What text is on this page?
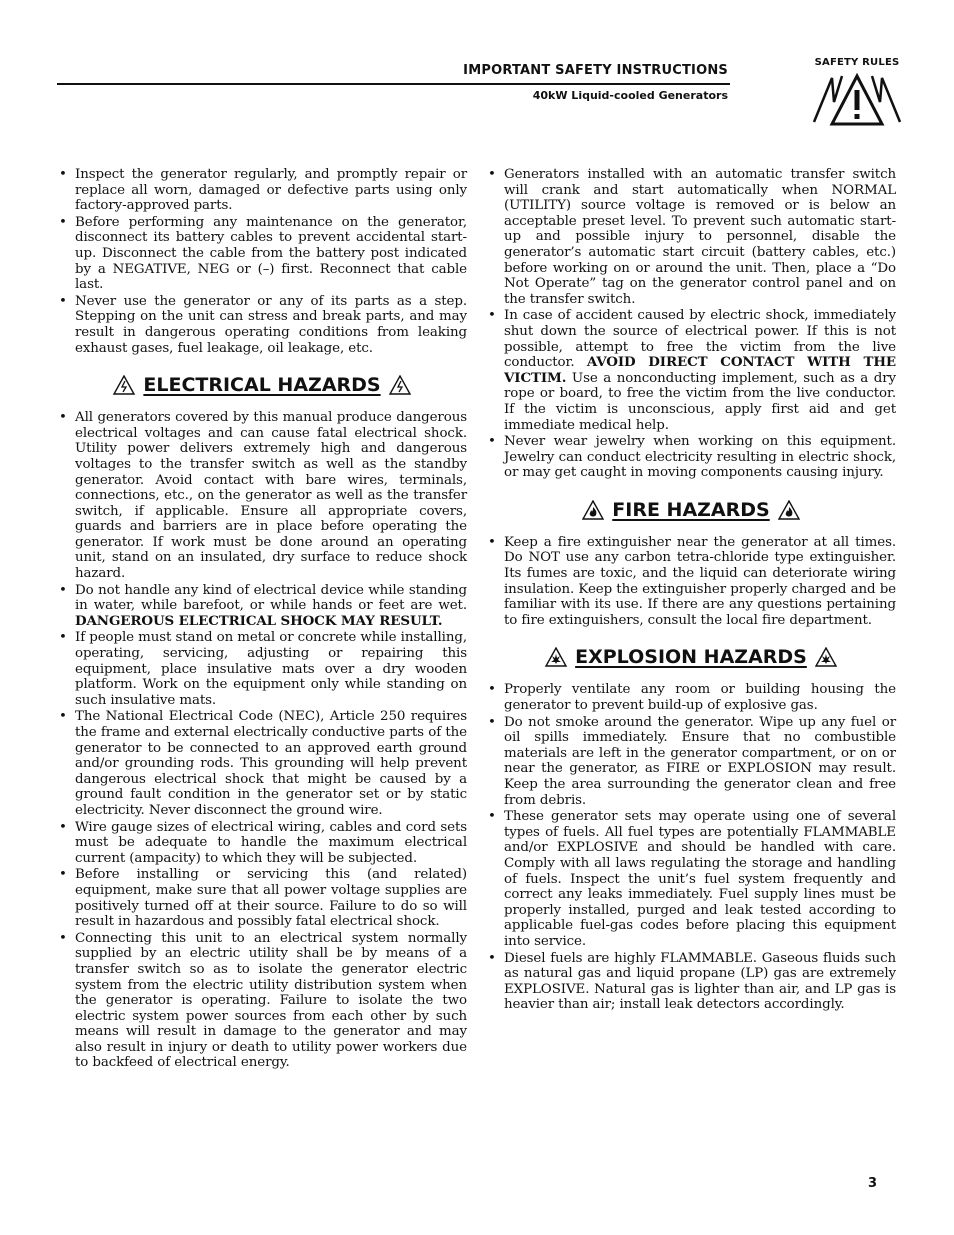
IMPORTANT SAFETY INSTRUCTIONS
40kW Liquid-cooled Generators
SAFETY RULES
• Inspect the generator regularly, and promptly repair or replace all worn, damaged or defective parts using only factory-approved parts.
• Before performing any maintenance on the generator, disconnect its battery cables to prevent accidental start-up. Disconnect the cable from the battery post indicated by a NEGATIVE, NEG or (–) first. Reconnect that cable last.
• Never use the generator or any of its parts as a step. Stepping on the unit can stress and break parts, and may result in dangerous operating conditions from leaking exhaust gases, fuel leakage, oil leakage, etc.
ELECTRICAL HAZARDS
• All generators covered by this manual produce dangerous electrical voltages and can cause fatal electrical shock. Utility power delivers extremely high and dangerous voltages to the transfer switch as well as the standby generator. Avoid contact with bare wires, terminals, connections, etc., on the generator as well as the transfer switch, if applicable. Ensure all appropriate covers, guards and barriers are in place before operating the generator. If work must be done around an operating unit, stand on an insulated, dry surface to reduce shock hazard.
• Do not handle any kind of electrical device while standing in water, while barefoot, or while hands or feet are wet. DANGEROUS ELECTRICAL SHOCK MAY RESULT.
• If people must stand on metal or concrete while installing, operating, servicing, adjusting or repairing this equipment, place insulative mats over a dry wooden platform. Work on the equipment only while standing on such insulative mats.
• The National Electrical Code (NEC), Article 250 requires the frame and external electrically conductive parts of the generator to be connected to an approved earth ground and/or grounding rods. This grounding will help prevent dangerous electrical shock that might be caused by a ground fault condition in the generator set or by static electricity. Never disconnect the ground wire.
• Wire gauge sizes of electrical wiring, cables and cord sets must be adequate to handle the maximum electrical current (ampacity) to which they will be subjected.
• Before installing or servicing this (and related) equipment, make sure that all power voltage supplies are positively turned off at their source. Failure to do so will result in hazardous and possibly fatal electrical shock.
• Connecting this unit to an electrical system normally supplied by an electric utility shall be by means of a transfer switch so as to isolate the generator electric system from the electric utility distribution system when the generator is operating. Failure to isolate the two electric system power sources from each other by such means will result in damage to the generator and may also result in injury or death to utility power workers due to backfeed of electrical energy.
• Generators installed with an automatic transfer switch will crank and start automatically when NORMAL (UTILITY) source voltage is removed or is below an acceptable preset level. To prevent such automatic start-up and possible injury to personnel, disable the generator’s automatic start circuit (battery cables, etc.) before working on or around the unit. Then, place a “Do Not Operate” tag on the generator control panel and on the transfer switch.
• In case of accident caused by electric shock, immediately shut down the source of electrical power. If this is not possible, attempt to free the victim from the live conductor. AVOID DIRECT CONTACT WITH THE VICTIM. Use a nonconducting implement, such as a dry rope or board, to free the victim from the live conductor. If the victim is unconscious, apply first aid and get immediate medical help.
• Never wear jewelry when working on this equipment. Jewelry can conduct electricity resulting in electric shock, or may get caught in moving components causing injury.
FIRE HAZARDS
• Keep a fire extinguisher near the generator at all times. Do NOT use any carbon tetra-chloride type extinguisher. Its fumes are toxic, and the liquid can deteriorate wiring insulation. Keep the extinguisher properly charged and be familiar with its use. If there are any questions pertaining to fire extinguishers, consult the local fire department.
EXPLOSION HAZARDS
• Properly ventilate any room or building housing the generator to prevent build-up of explosive gas.
• Do not smoke around the generator. Wipe up any fuel or oil spills immediately. Ensure that no combustible materials are left in the generator compartment, or on or near the generator, as FIRE or EXPLOSION may result. Keep the area surrounding the generator clean and free from debris.
• These generator sets may operate using one of several types of fuels. All fuel types are potentially FLAMMABLE and/or EXPLOSIVE and should be handled with care. Comply with all laws regulating the storage and handling of fuels. Inspect the unit’s fuel system frequently and correct any leaks immediately. Fuel supply lines must be properly installed, purged and leak tested according to applicable fuel-gas codes before placing this equipment into service.
• Diesel fuels are highly FLAMMABLE. Gaseous fluids such as natural gas and liquid propane (LP) gas are extremely EXPLOSIVE. Natural gas is lighter than air, and LP gas is heavier than air; install leak detectors accordingly.
3
